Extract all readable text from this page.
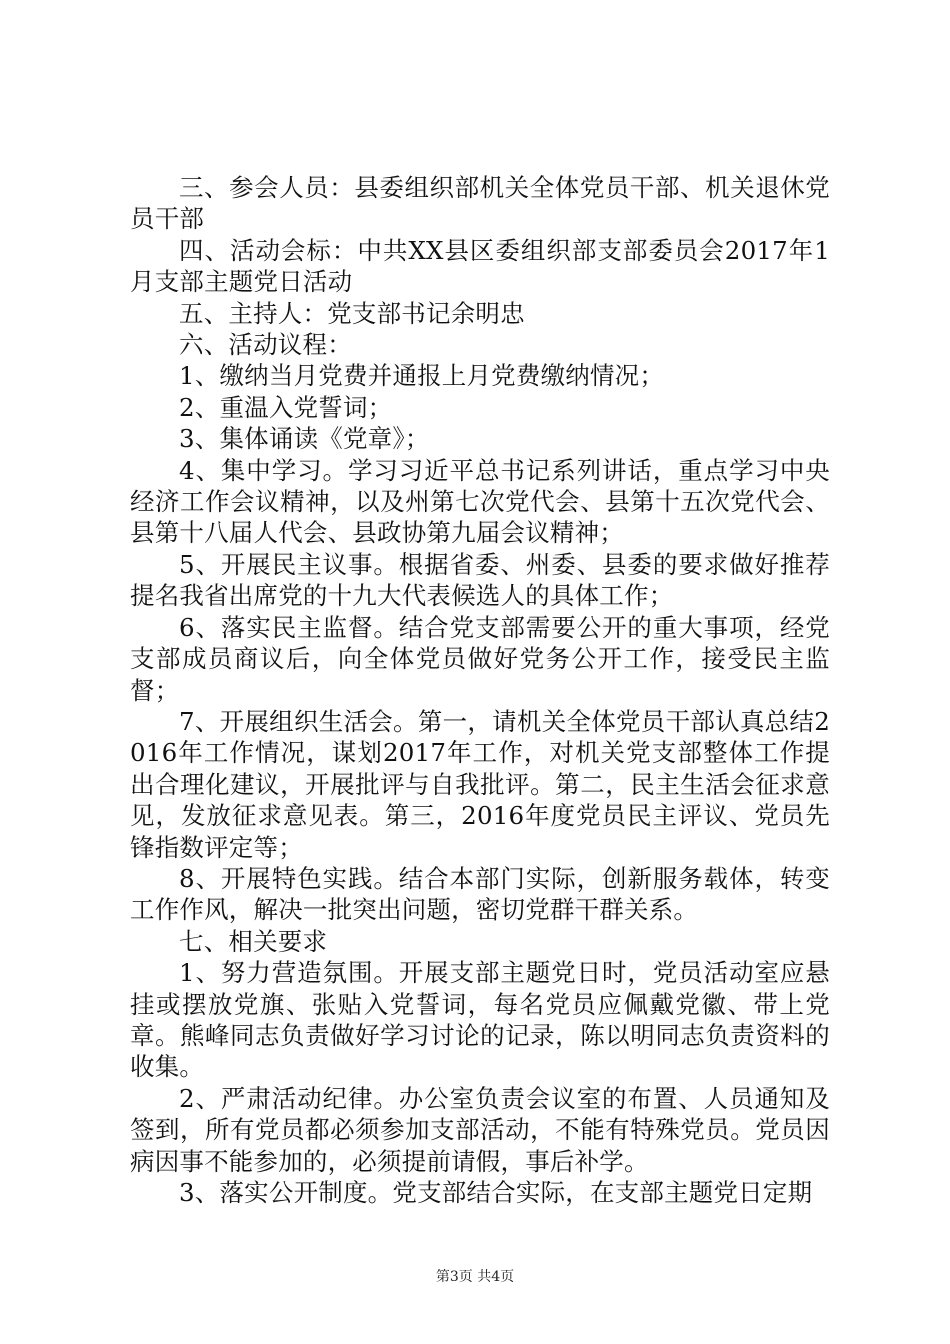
三、参会人员：县委组织部机关全体党员干部、机关退休党员干部

四、活动会标：中共XX县区委组织部支部委员会2017年1月支部主题党日活动

五、主持人：党支部书记余明忠

六、活动议程：

1、缴纳当月党费并通报上月党费缴纳情况；

2、重温入党誓词；

3、集体诵读《党章》；

4、集中学习。学习习近平总书记系列讲话，重点学习中央经济工作会议精神，以及州第七次党代会、县第十五次党代会、县第十八届人代会、县政协第九届会议精神；

5、开展民主议事。根据省委、州委、县委的要求做好推荐提名我省出席党的十九大代表候选人的具体工作；

6、落实民主监督。结合党支部需要公开的重大事项，经党支部成员商议后，向全体党员做好党务公开工作，接受民主监督；

7、开展组织生活会。第一，请机关全体党员干部认真总结2016年工作情况，谋划2017年工作，对机关党支部整体工作提出合理化建议，开展批评与自我批评。第二，民主生活会征求意见，发放征求意见表。第三，2016年度党员民主评议、党员先锋指数评定等；

8、开展特色实践。结合本部门实际，创新服务载体，转变工作作风，解决一批突出问题，密切党群干群关系。

七、相关要求

1、努力营造氛围。开展支部主题党日时，党员活动室应悬挂或摆放党旗、张贴入党誓词，每名党员应佩戴党徽、带上党章。熊峰同志负责做好学习讨论的记录，陈以明同志负责资料的收集。

2、严肃活动纪律。办公室负责会议室的布置、人员通知及签到，所有党员都必须参加支部活动，不能有特殊党员。党员因病因事不能参加的，必须提前请假，事后补学。

3、落实公开制度。党支部结合实际，在支部主题党日定期

第3页 共4页
